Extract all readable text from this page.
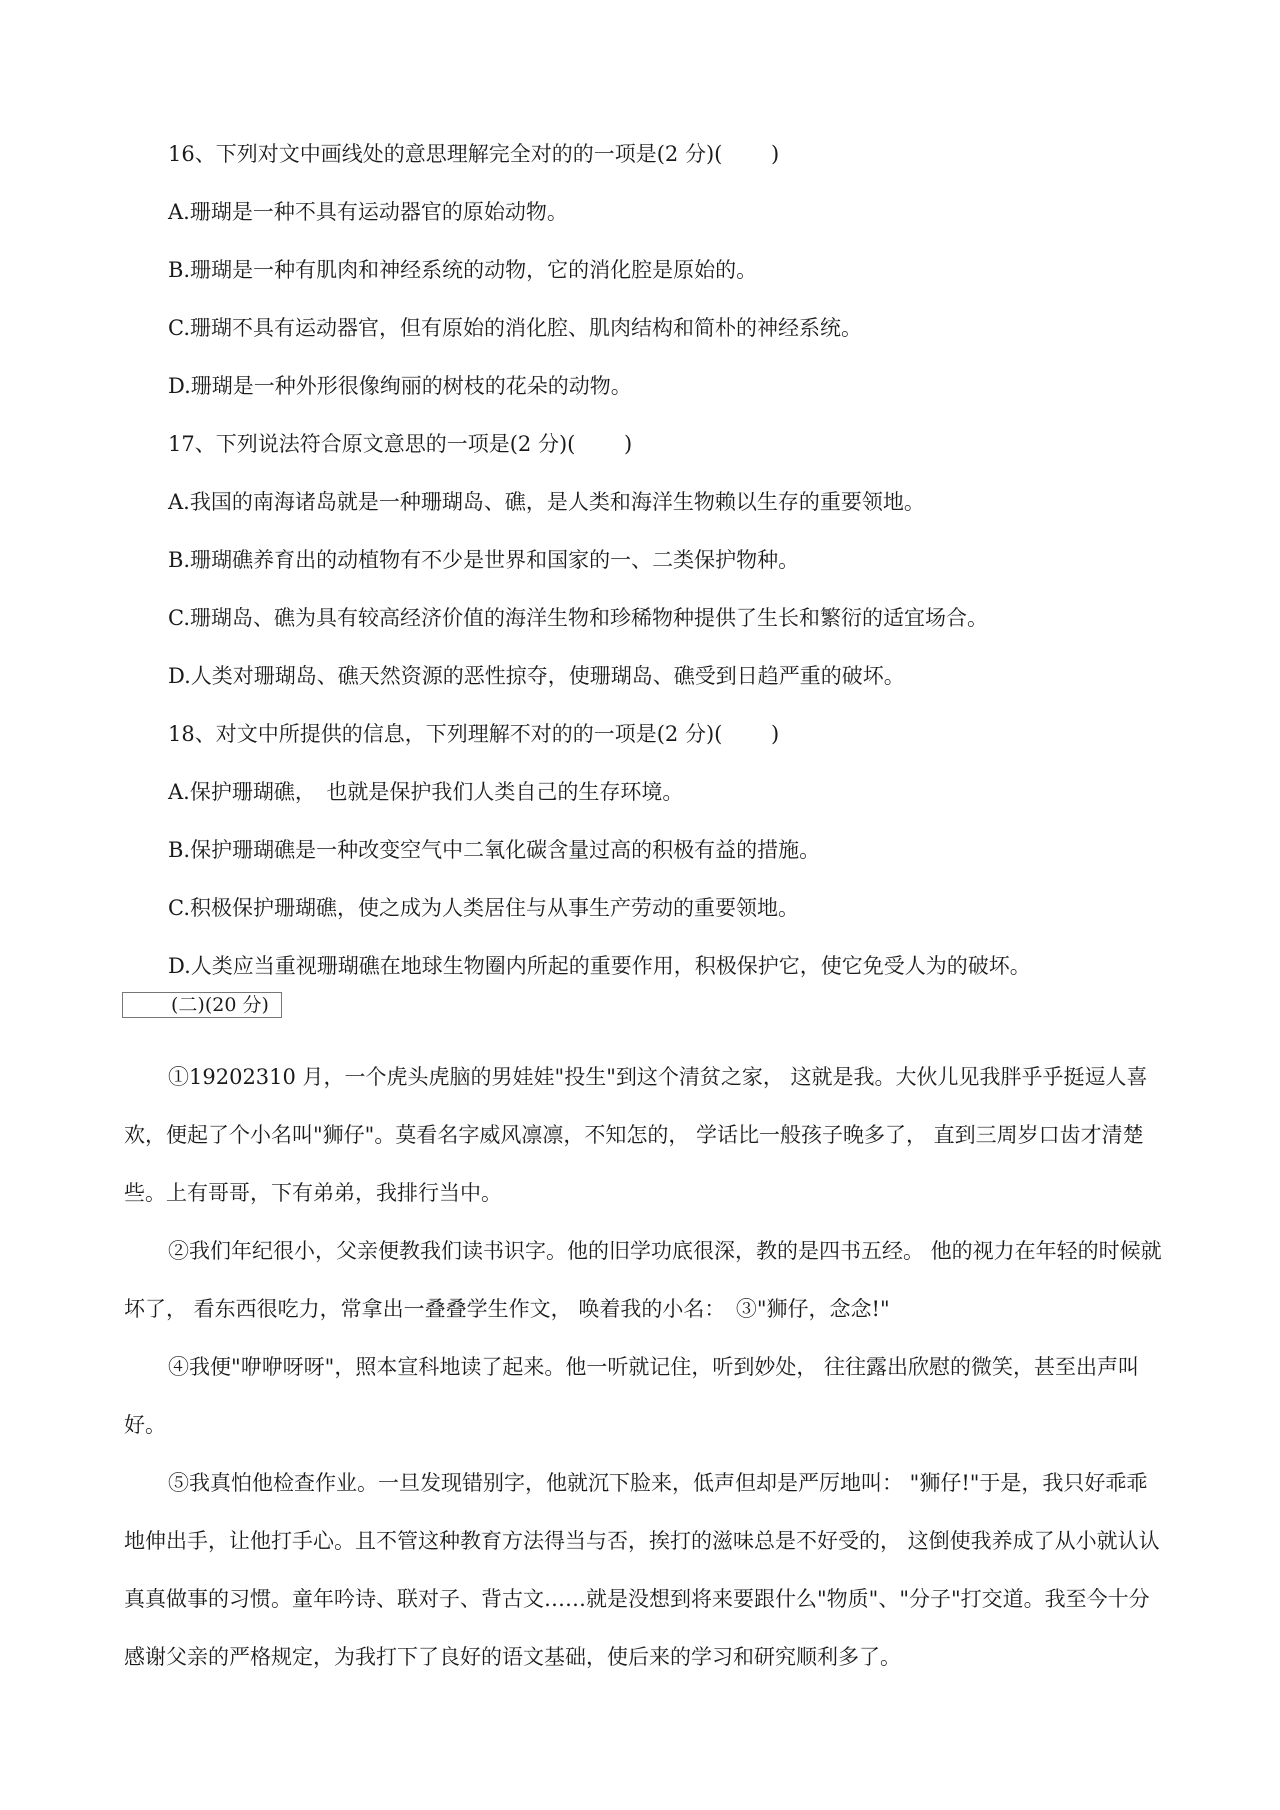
16、下列对文中画线处的意思理解完全对的的一项是(2 分)(　　 )
A.珊瑚是一种不具有运动器官的原始动物。
B.珊瑚是一种有肌肉和神经系统的动物，它的消化腔是原始的。
C.珊瑚不具有运动器官，但有原始的消化腔、肌肉结构和简朴的神经系统。
D.珊瑚是一种外形很像绚丽的树枝的花朵的动物。
17、下列说法符合原文意思的一项是(2 分)(　　 )
A.我国的南海诸岛就是一种珊瑚岛、礁，是人类和海洋生物赖以生存的重要领地。
B.珊瑚礁养育出的动植物有不少是世界和国家的一、二类保护物种。
C.珊瑚岛、礁为具有较高经济价值的海洋生物和珍稀物种提供了生长和繁衍的适宜场合。
D.人类对珊瑚岛、礁天然资源的恶性掠夺，使珊瑚岛、礁受到日趋严重的破坏。
18、对文中所提供的信息，下列理解不对的的一项是(2 分)(　　 )
A.保护珊瑚礁，　也就是保护我们人类自己的生存环境。
B.保护珊瑚礁是一种改变空气中二氧化碳含量过高的积极有益的措施。
C.积极保护珊瑚礁，使之成为人类居住与从事生产劳动的重要领地。
D.人类应当重视珊瑚礁在地球生物圈内所起的重要作用，积极保护它，使它免受人为的破坏。
(二)(20 分)
①19202310 月，一个虎头虎脑的男娃娃"投生"到这个清贫之家， 这就是我。大伙儿见我胖乎乎挺逗人喜欢，便起了个小名叫"狮仔"。莫看名字威风凛凛，不知怎的， 学话比一般孩子晚多了， 直到三周岁口齿才清楚些。上有哥哥，下有弟弟，我排行当中。
②我们年纪很小，父亲便教我们读书识字。他的旧学功底很深，教的是四书五经。 他的视力在年轻的时候就坏了， 看东西很吃力，常拿出一叠叠学生作文， 唤着我的小名：　③"狮仔，念念!"
④我便"咿咿呀呀"，照本宣科地读了起来。他一听就记住，听到妙处， 往往露出欣慰的微笑，甚至出声叫好。
⑤我真怕他检查作业。一旦发现错别字，他就沉下脸来，低声但却是严厉地叫： "狮仔!"于是，我只好乖乖地伸出手，让他打手心。且不管这种教育方法得当与否，挨打的滋味总是不好受的， 这倒使我养成了从小就认认真真做事的习惯。童年吟诗、联对子、背古文……就是没想到将来要跟什么"物质"、"分子"打交道。我至今十分感谢父亲的严格规定，为我打下了良好的语文基础，使后来的学习和研究顺利多了。
